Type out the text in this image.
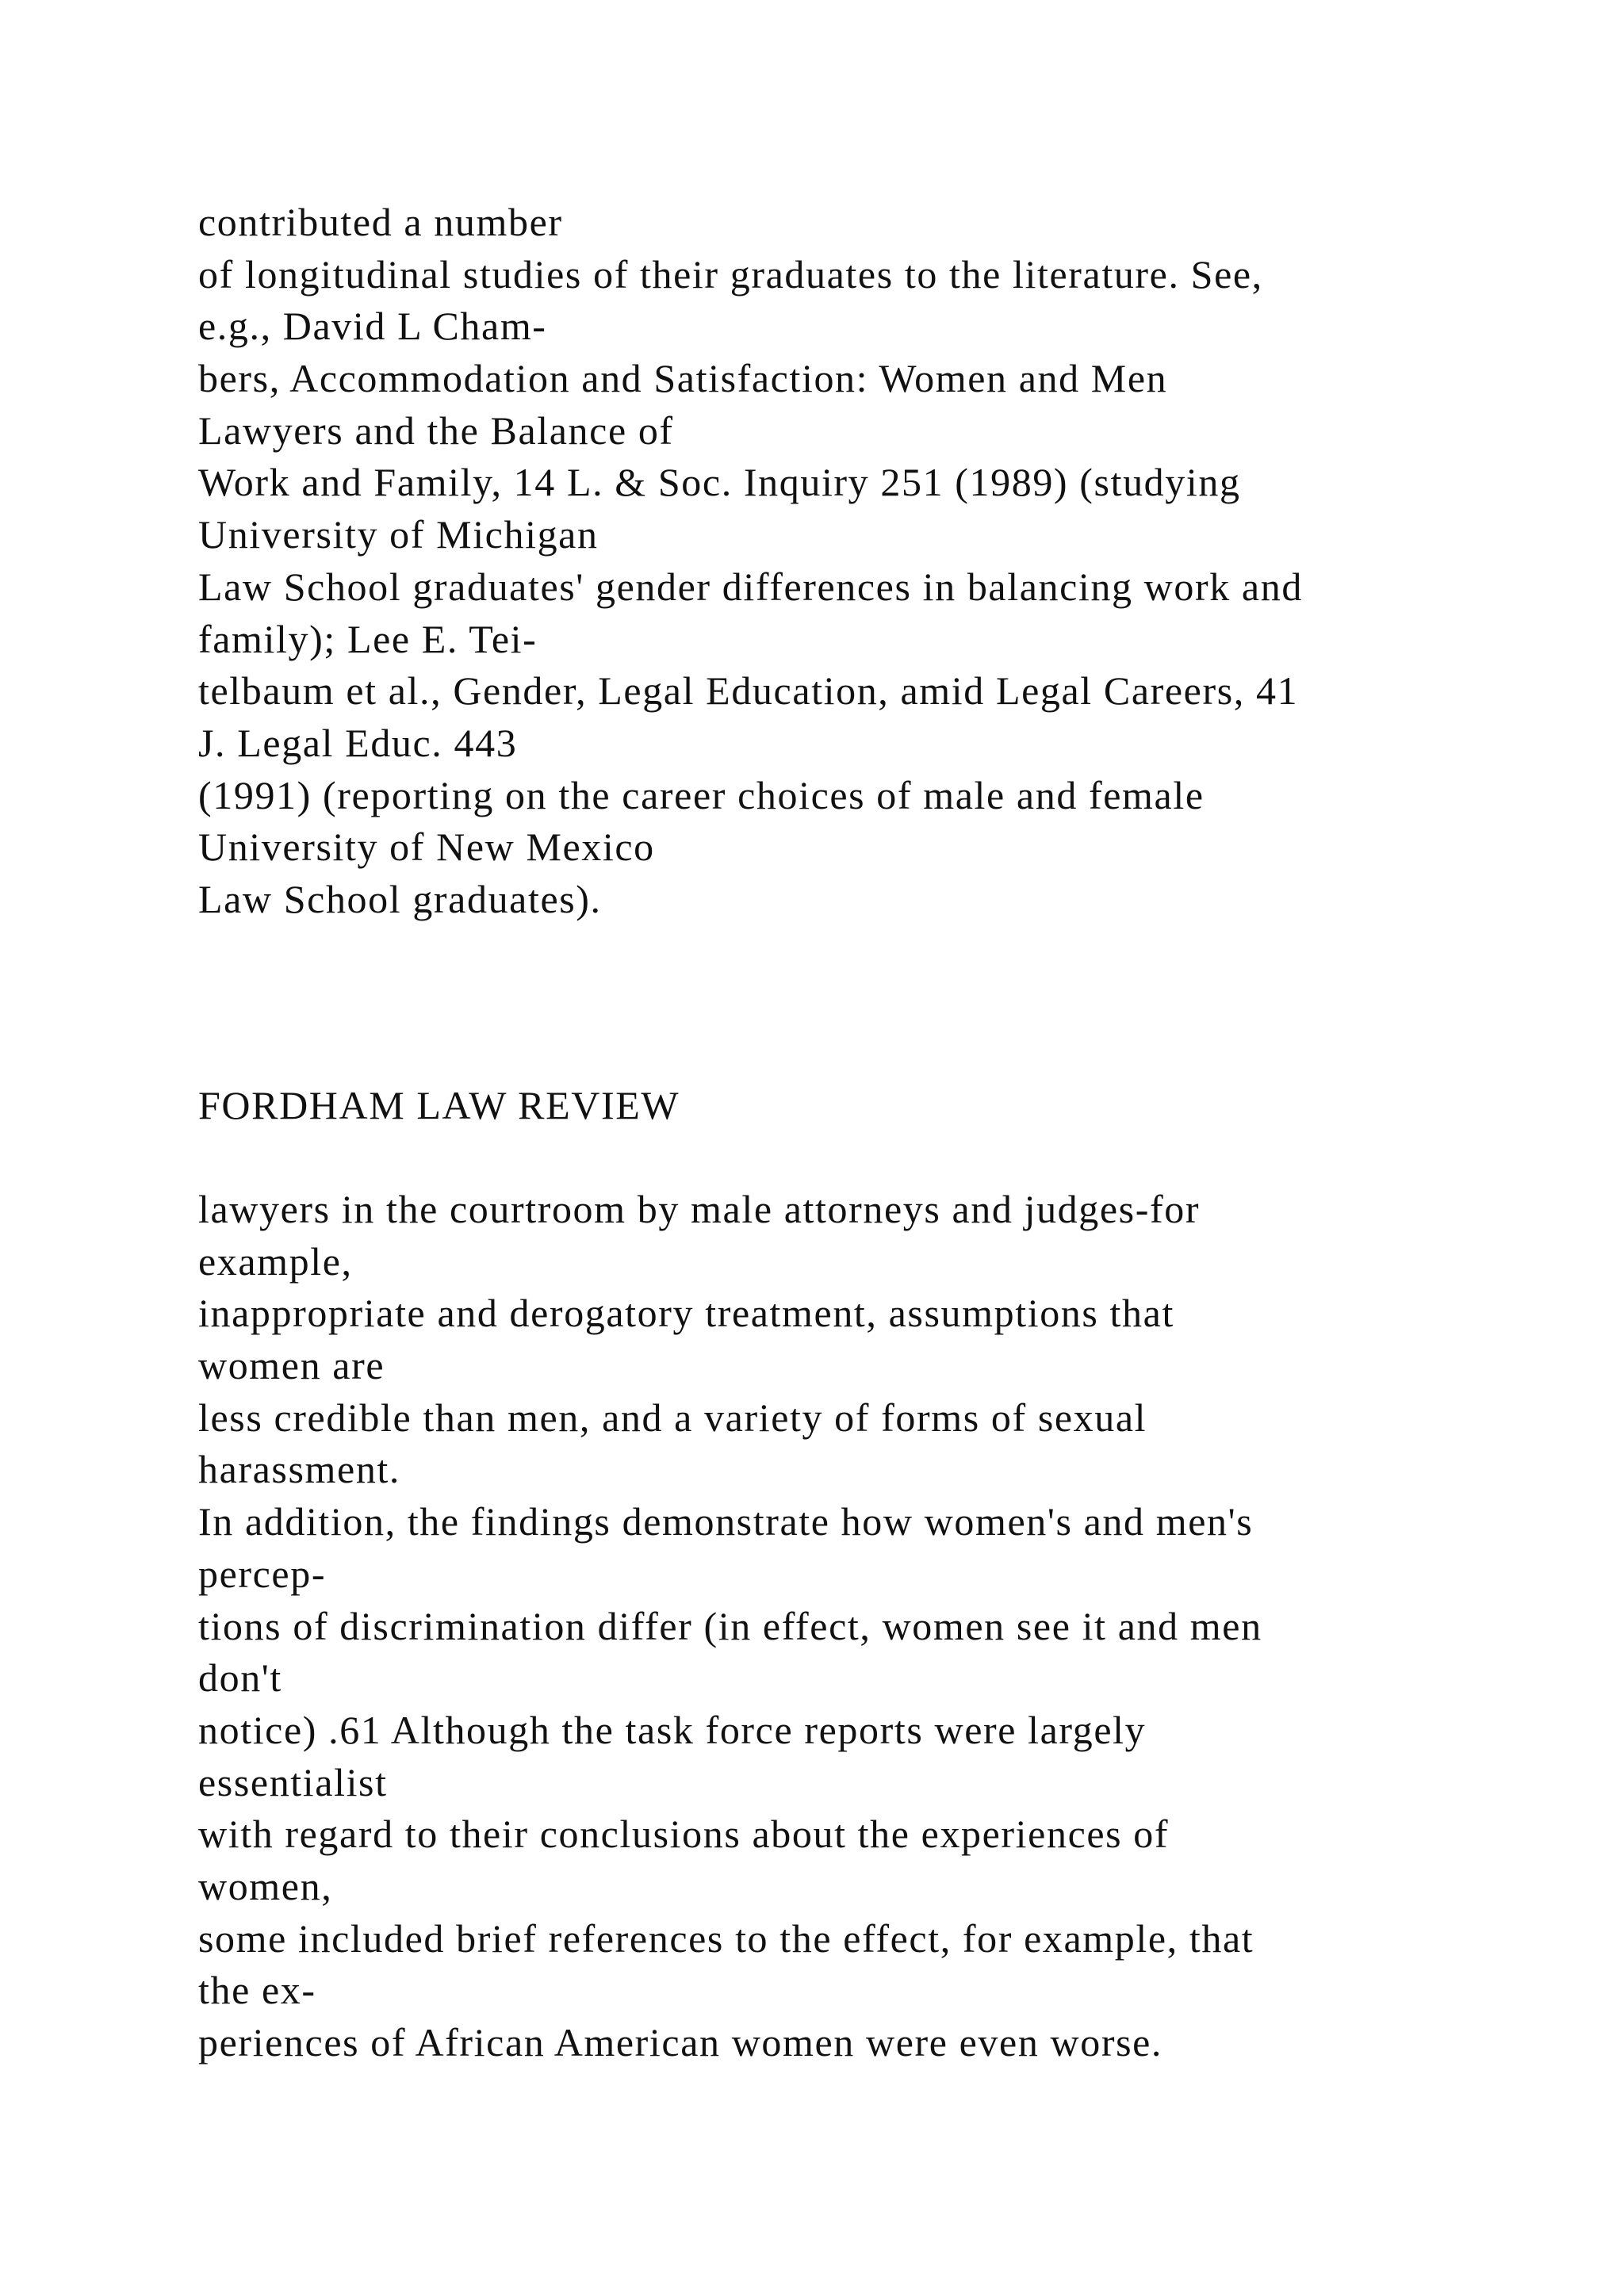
contributed a number
of longitudinal studies of their graduates to the literature. See,
e.g., David L Cham-
bers, Accommodation and Satisfaction: Women and Men
Lawyers and the Balance of
Work and Family, 14 L. & Soc. Inquiry 251 (1989) (studying
University of Michigan
Law School graduates' gender differences in balancing work and
family); Lee E. Tei-
telbaum et al., Gender, Legal Education, amid Legal Careers, 41
J. Legal Educ. 443
(1991) (reporting on the career choices of male and female
University of New Mexico
Law School graduates).
FORDHAM LAW REVIEW
lawyers in the courtroom by male attorneys and judges-for
example,
inappropriate and derogatory treatment, assumptions that
women are
less credible than men, and a variety of forms of sexual
harassment.
In addition, the findings demonstrate how women's and men's
percep-
tions of discrimination differ (in effect, women see it and men
don't
notice) .61 Although the task force reports were largely
essentialist
with regard to their conclusions about the experiences of
women,
some included brief references to the effect, for example, that
the ex-
periences of African American women were even worse.
